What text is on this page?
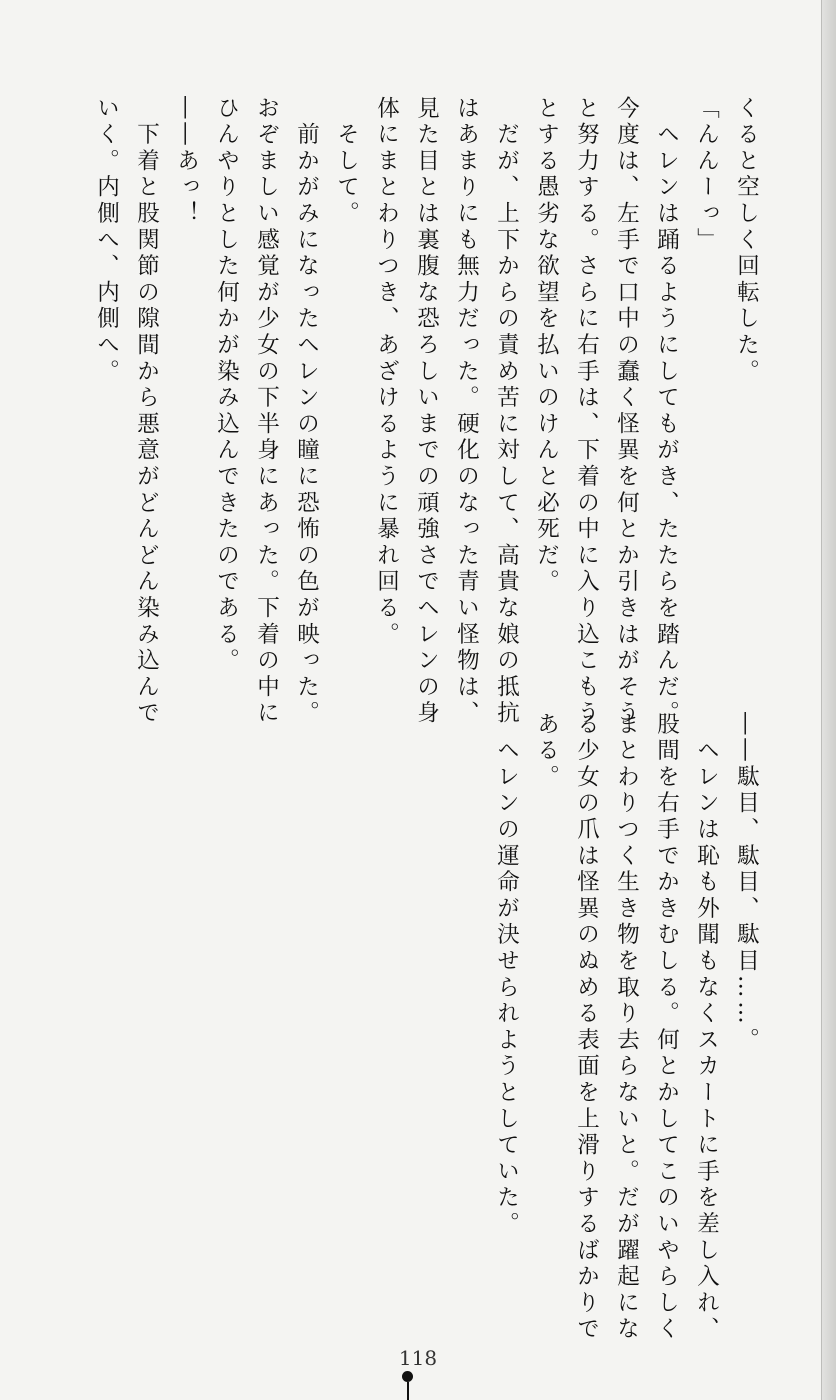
くると空しく回転した。

「んんーっ」

　ヘレンは踊るようにしてもがき、たたらを踏んだ。

今度は、左手で口中の蠢く怪異を何とか引きはがそう

と努力する。さらに右手は、下着の中に入り込こもう

とする愚劣な欲望を払いのけんと必死だ。

　だが、上下からの責め苦に対して、高貴な娘の抵抗

はあまりにも無力だった。硬化のなった青い怪物は、

見た目とは裏腹な恐ろしいまでの頑強さでヘレンの身

体にまとわりつき、あざけるように暴れ回る。

　そして。

　前かがみになったヘレンの瞳に恐怖の色が映った。

おぞましい感覚が少女の下半身にあった。下着の中に

ひんやりとした何かが染み込んできたのである。

――あっ！

　下着と股関節の隙間から悪意がどんどん染み込んで

いく。内側へ、内側へ。

118

――駄目、駄目、駄目……。

　ヘレンは恥も外聞もなくスカートに手を差し入れ、

股間を右手でかきむしる。何とかしてこのいやらしく

まとわりつく生き物を取り去らないと。だが躍起にな

る少女の爪は怪異のぬめる表面を上滑りするばかりで

ある。

　ヘレンの運命が決せられようとしていた。
